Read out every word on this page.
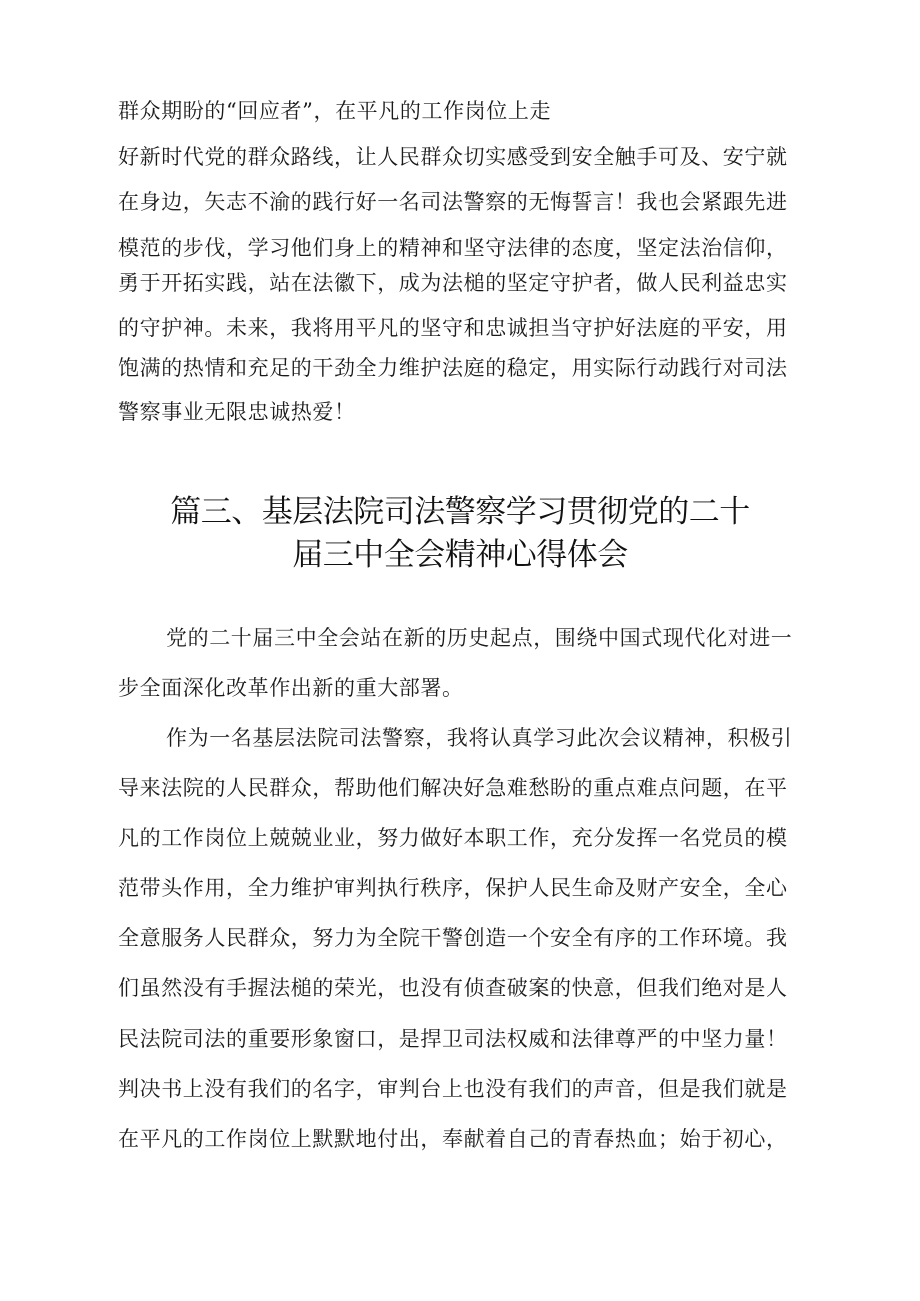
群众期盼的“回应者”，在平凡的工作岗位上走
好新时代党的群众路线，让人民群众切实感受到安全触手可及、安宁就
在身边，矢志不渝的践行好一名司法警察的无悔誓言！我也会紧跟先进
模范的步伐，学习他们身上的精神和坚守法律的态度，坚定法治信仰，
勇于开拓实践，站在法徽下，成为法槌的坚定守护者，做人民利益忠实
的守护神。未来，我将用平凡的坚守和忠诚担当守护好法庭的平安，用
饱满的热情和充足的干劲全力维护法庭的稳定，用实际行动践行对司法
警察事业无限忠诚热爱！
篇三、基层法院司法警察学习贯彻党的二十
届三中全会精神心得体会
党的二十届三中全会站在新的历史起点，围绕中国式现代化对进一
步全面深化改革作出新的重大部署。
作为一名基层法院司法警察，我将认真学习此次会议精神，积极引
导来法院的人民群众，帮助他们解决好急难愁盼的重点难点问题，在平
凡的工作岗位上兢兢业业，努力做好本职工作，充分发挥一名党员的模
范带头作用，全力维护审判执行秩序，保护人民生命及财产安全，全心
全意服务人民群众，努力为全院干警创造一个安全有序的工作环境。我
们虽然没有手握法槌的荣光，也没有侦查破案的快意，但我们绝对是人
民法院司法的重要形象窗口，是捍卫司法权威和法律尊严的中坚力量！
判决书上没有我们的名字，审判台上也没有我们的声音，但是我们就是
在平凡的工作岗位上默默地付出，奉献着自己的青春热血；始于初心，
